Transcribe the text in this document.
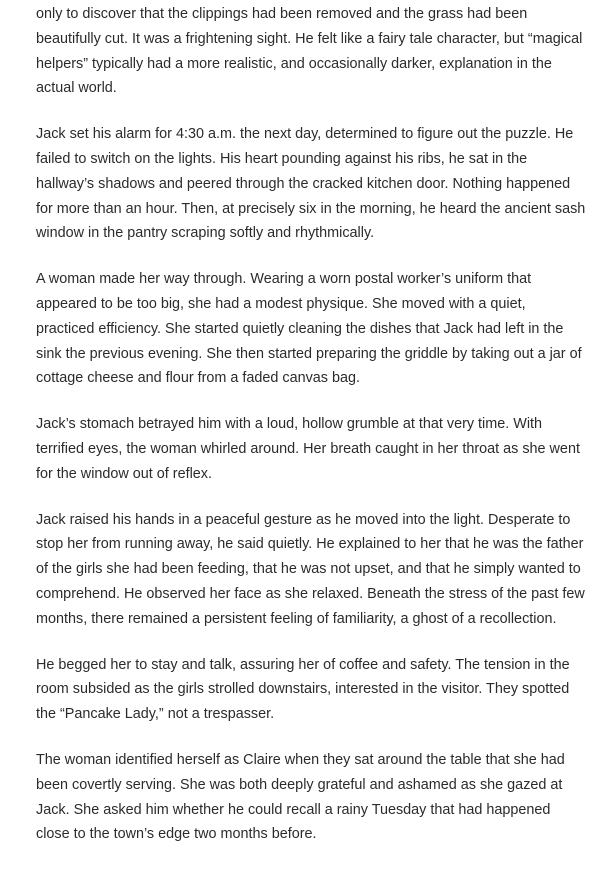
only to discover that the clippings had been removed and the grass had been beautifully cut. It was a frightening sight. He felt like a fairy tale character, but “magical helpers” typically had a more realistic, and occasionally darker, explanation in the actual world.

Jack set his alarm for 4:30 a.m. the next day, determined to figure out the puzzle. He failed to switch on the lights. His heart pounding against his ribs, he sat in the hallway’s shadows and peered through the cracked kitchen door. Nothing happened for more than an hour. Then, at precisely six in the morning, he heard the ancient sash window in the pantry scraping softly and rhythmically.

A woman made her way through. Wearing a worn postal worker’s uniform that appeared to be too big, she had a modest physique. She moved with a quiet, practiced efficiency. She started quietly cleaning the dishes that Jack had left in the sink the previous evening. She then started preparing the griddle by taking out a jar of cottage cheese and flour from a faded canvas bag.

Jack’s stomach betrayed him with a loud, hollow grumble at that very time. With terrified eyes, the woman whirled around. Her breath caught in her throat as she went for the window out of reflex.

Jack raised his hands in a peaceful gesture as he moved into the light. Desperate to stop her from running away, he said quietly. He explained to her that he was the father of the girls she had been feeding, that he was not upset, and that he simply wanted to comprehend. He observed her face as she relaxed. Beneath the stress of the past few months, there remained a persistent feeling of familiarity, a ghost of a recollection.

He begged her to stay and talk, assuring her of coffee and safety. The tension in the room subsided as the girls strolled downstairs, interested in the visitor. They spotted the “Pancake Lady,” not a trespasser.

The woman identified herself as Claire when they sat around the table that she had been covertly serving. She was both deeply grateful and ashamed as she gazed at Jack. She asked him whether he could recall a rainy Tuesday that had happened close to the town’s edge two months before.
